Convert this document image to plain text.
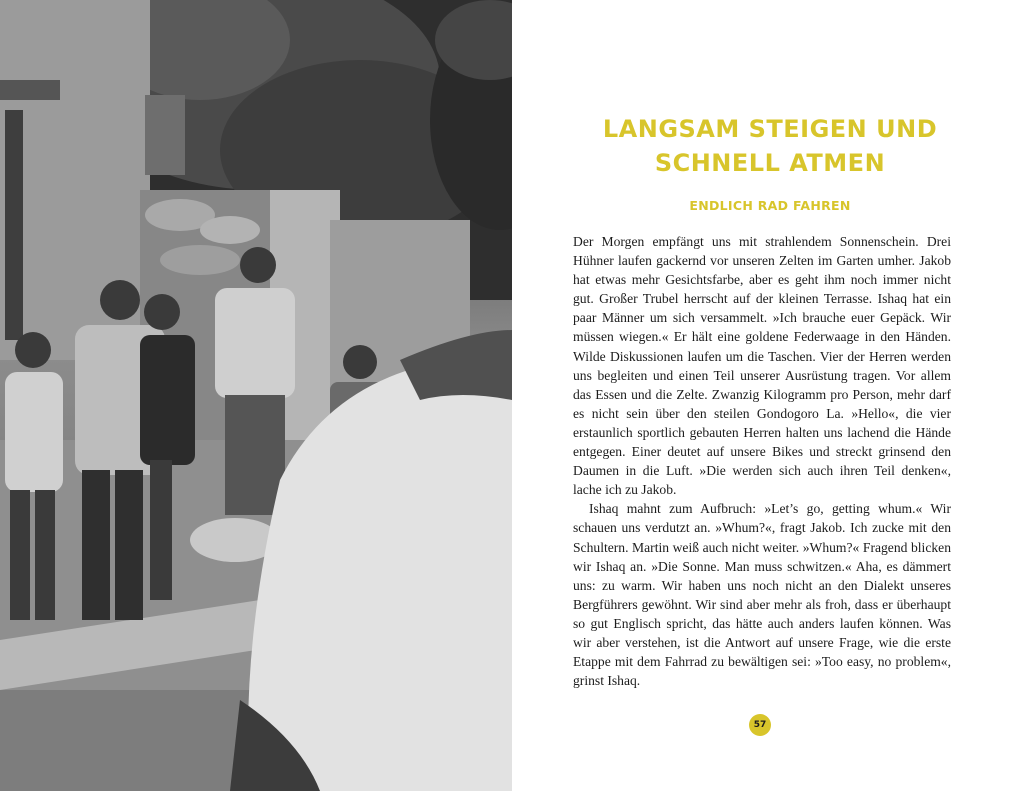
LANGSAM STEIGEN UND SCHNELL ATMEN
ENDLICH RAD FAHREN

Der Morgen empfängt uns mit strahlendem Sonnenschein. Drei Hühner laufen gackernd vor unseren Zelten im Garten umher. Jakob hat etwas mehr Gesichtsfarbe, aber es geht ihm noch immer nicht gut. Großer Trubel herrscht auf der kleinen Terrasse. Ishaq hat ein paar Männer um sich versammelt. »Ich brauche euer Gepäck. Wir müssen wiegen.« Er hält eine goldene Federwaage in den Händen. Wilde Diskussionen laufen um die Taschen. Vier der Herren werden uns begleiten und einen Teil unserer Ausrüstung tragen. Vor allem das Essen und die Zelte. Zwanzig Kilogramm pro Person, mehr darf es nicht sein über den steilen Gondogoro La. »Hello«, die vier erstaunlich sportlich gebauten Herren halten uns lachend die Hände entgegen. Einer deutet auf unsere Bikes und streckt grinsend den Daumen in die Luft. »Die werden sich auch ihren Teil denken«, lache ich zu Jakob.

Ishaq mahnt zum Aufbruch: »Let’s go, getting whum.« Wir schauen uns verdutzt an. »Whum?«, fragt Jakob. Ich zucke mit den Schultern. Martin weiß auch nicht weiter. »Whum?« Fragend blicken wir Ishaq an. »Die Sonne. Man muss schwitzen.« Aha, es dämmert uns: zu warm. Wir haben uns noch nicht an den Dialekt unseres Bergführers gewöhnt. Wir sind aber mehr als froh, dass er überhaupt so gut Englisch spricht, das hätte auch anders laufen können. Was wir aber verstehen, ist die Antwort auf unsere Frage, wie die erste Etappe mit dem Fahrrad zu bewältigen sei: »Too easy, no problem«, grinst Ishaq.

57
